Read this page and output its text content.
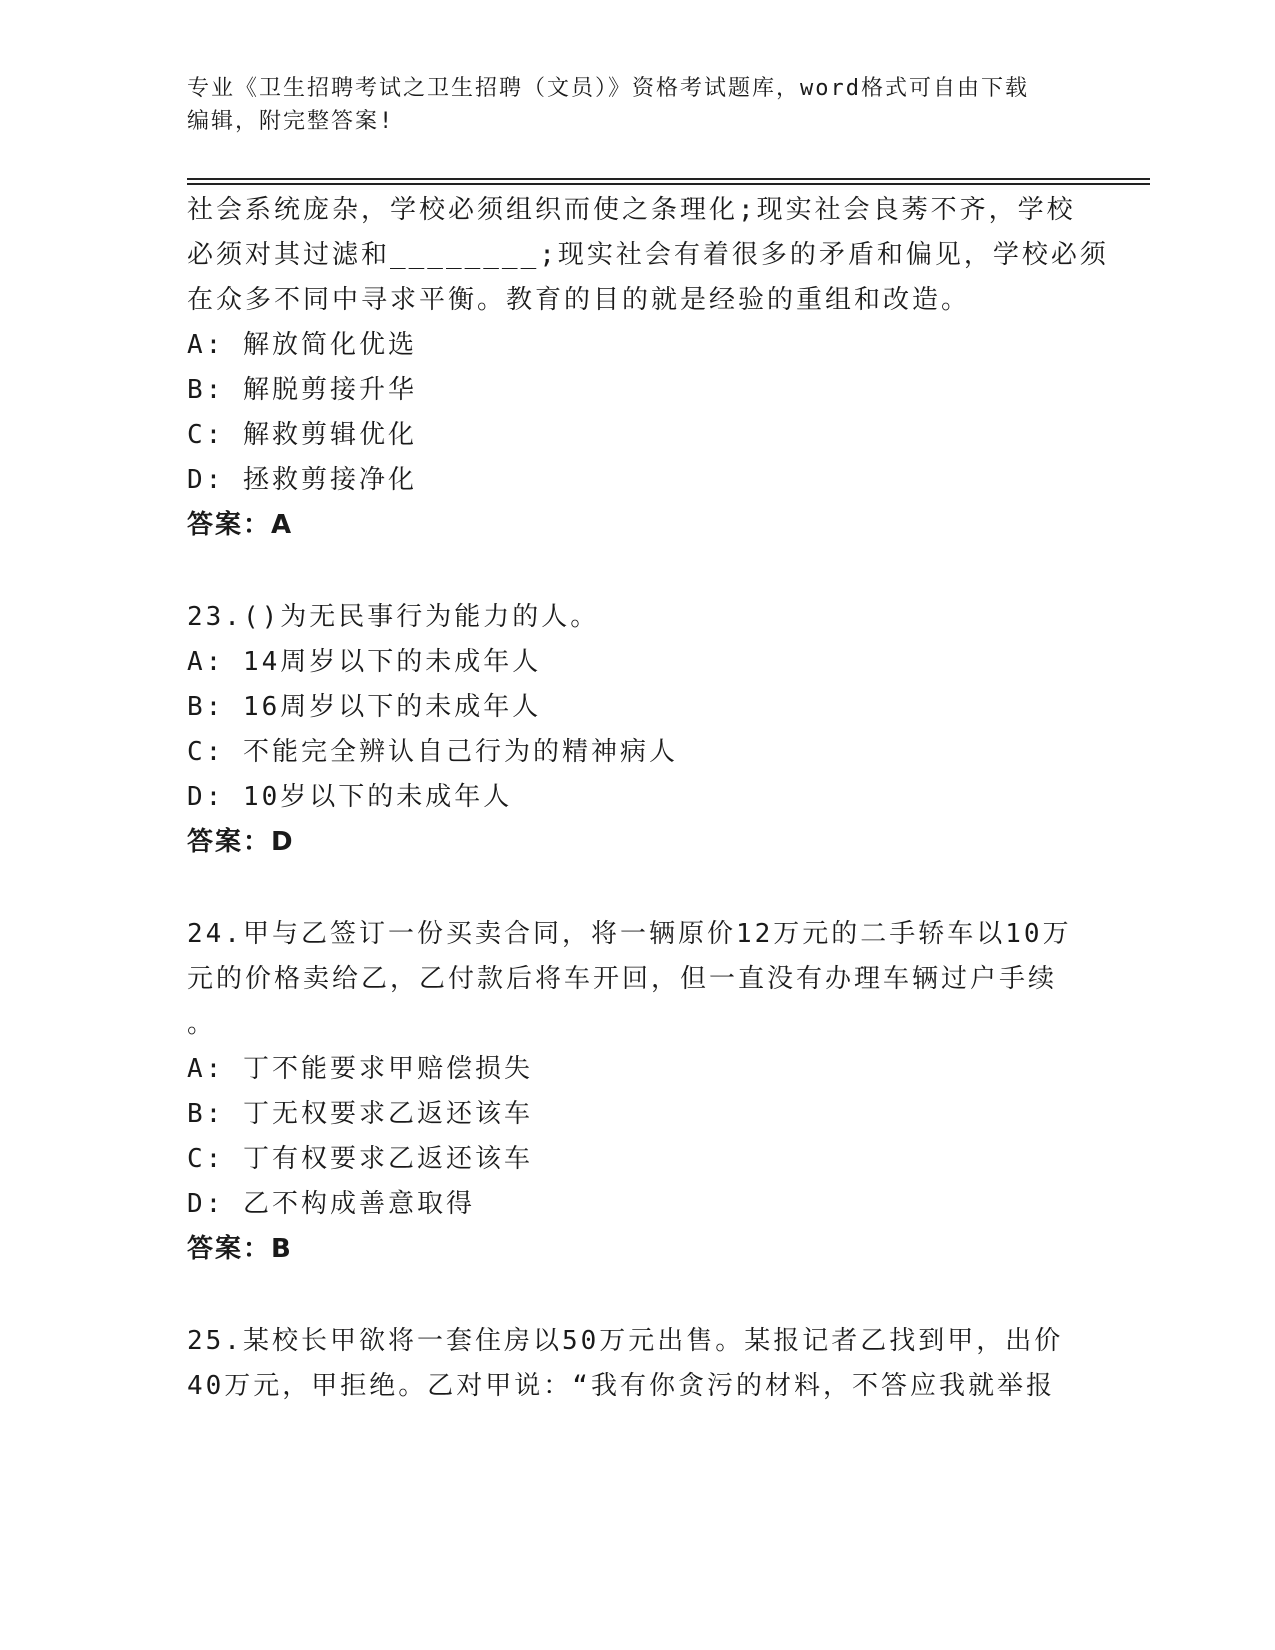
专业《卫生招聘考试之卫生招聘（文员）》资格考试题库，word格式可自由下载
编辑，附完整答案!
社会系统庞杂，学校必须组织而使之条理化;现实社会良莠不齐，学校
必须对其过滤和________;现实社会有着很多的矛盾和偏见，学校必须
在众多不同中寻求平衡。教育的目的就是经验的重组和改造。
A: 解放简化优选
B: 解脱剪接升华
C: 解救剪辑优化
D: 拯救剪接净化
答案：A
23.()为无民事行为能力的人。
A: 14周岁以下的未成年人
B: 16周岁以下的未成年人
C: 不能完全辨认自己行为的精神病人
D: 10岁以下的未成年人
答案：D
24.甲与乙签订一份买卖合同，将一辆原价12万元的二手轿车以10万
元的价格卖给乙，乙付款后将车开回，但一直没有办理车辆过户手续
。
A: 丁不能要求甲赔偿损失
B: 丁无权要求乙返还该车
C: 丁有权要求乙返还该车
D: 乙不构成善意取得
答案：B
25.某校长甲欲将一套住房以50万元出售。某报记者乙找到甲，出价
40万元，甲拒绝。乙对甲说：“我有你贪污的材料，不答应我就举报
